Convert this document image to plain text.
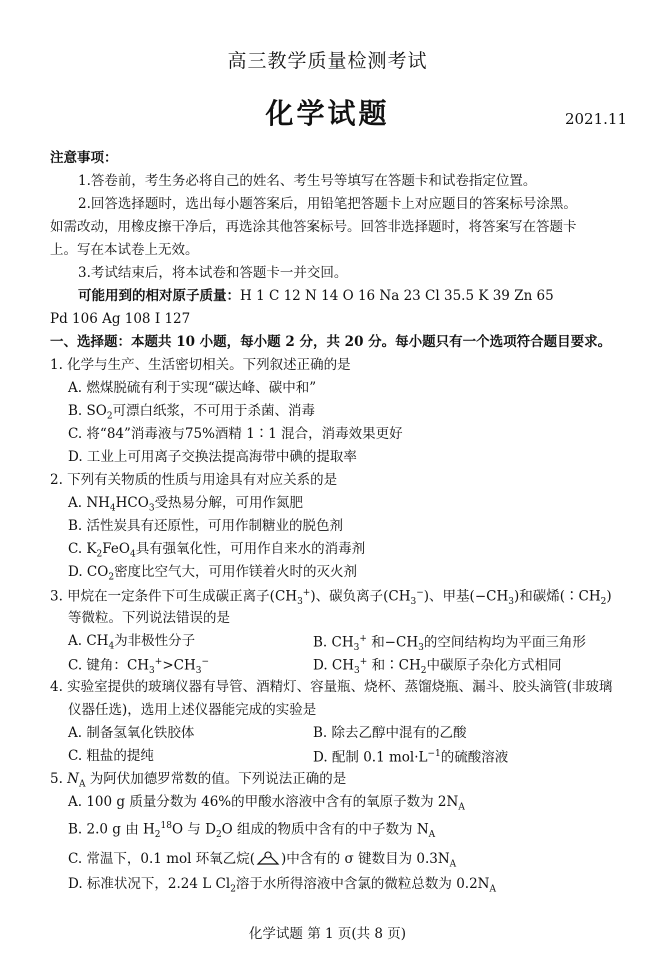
高三教学质量检测考试
化学试题	2021.11
注意事项：
1.答卷前，考生务必将自己的姓名、考生号等填写在答题卡和试卷指定位置。
2.回答选择题时，选出每小题答案后，用铅笔把答题卡上对应题目的答案标号涂黑。
如需改动，用橡皮擦干净后，再选涂其他答案标号。回答非选择题时，将答案写在答题卡
上。写在本试卷上无效。
3.考试结束后，将本试卷和答题卡一并交回。
可能用到的相对原子质量：H 1 C 12 N 14 O 16 Na 23 Cl 35.5 K 39 Zn 65
Pd 106 Ag 108 I 127
一、选择题：本题共 10 小题，每小题 2 分，共 20 分。每小题只有一个选项符合题目要求。
1. 化学与生产、生活密切相关。下列叙述正确的是
A. 燃煤脱硫有利于实现“碳达峰、碳中和”
B. $SO_2$可漂白纸浆，不可用于杀菌、消毒
C. 将“84”消毒液与75%酒精 1∶1 混合，消毒效果更好
D. 工业上可用离子交换法提高海带中碘的提取率
2. 下列有关物质的性质与用途具有对应关系的是
A. $NH_4HCO_3$受热易分解，可用作氮肥
B. 活性炭具有还原性，可用作制糖业的脱色剂
C. $K_2FeO_4$具有强氧化性，可用作自来水的消毒剂
D. $CO_2$密度比空气大，可用作镁着火时的灭火剂
3. 甲烷在一定条件下可生成碳正离子$(CH_3^+)$、碳负离子$(CH_3^-)$、甲基$(-CH_3)$和碳烯$(∶CH_2)$
等微粒。下列说法错误的是
A. $CH_4$为非极性分子	B. $CH_3^+$ 和$-CH_3$的空间结构均为平面三角形
C. 键角：$CH_3^+>CH_3^-$	D. $CH_3^+$ 和$∶CH_2$中碳原子杂化方式相同
4. 实验室提供的玻璃仪器有导管、酒精灯、容量瓶、烧杯、蒸馏烧瓶、漏斗、胶头滴管(非玻璃
仪器任选)，选用上述仪器能完成的实验是
A. 制备氢氧化铁胶体	B. 除去乙醇中混有的乙酸
C. 粗盐的提纯	D. 配制 0.1 $mol\cdot L^{-1}$的硫酸溶液
5. $N_A$ 为阿伏加德罗常数的值。下列说法正确的是
A. 100 g 质量分数为 46%的甲酸水溶液中含有的氧原子数为 $2N_A$
B. 2.0 g 由 $H_2^{18}O$ 与 $D_2O$ 组成的物质中含有的中子数为 $N_A$
C. 常温下，0.1 mol 环氧乙烷( )中含有的 σ 键数目为 $0.3N_A$
D. 标准状况下，2.24 L $Cl_2$溶于水所得溶液中含氯的微粒总数为 $0.2N_A$
化学试题 第 1 页(共 8 页)
